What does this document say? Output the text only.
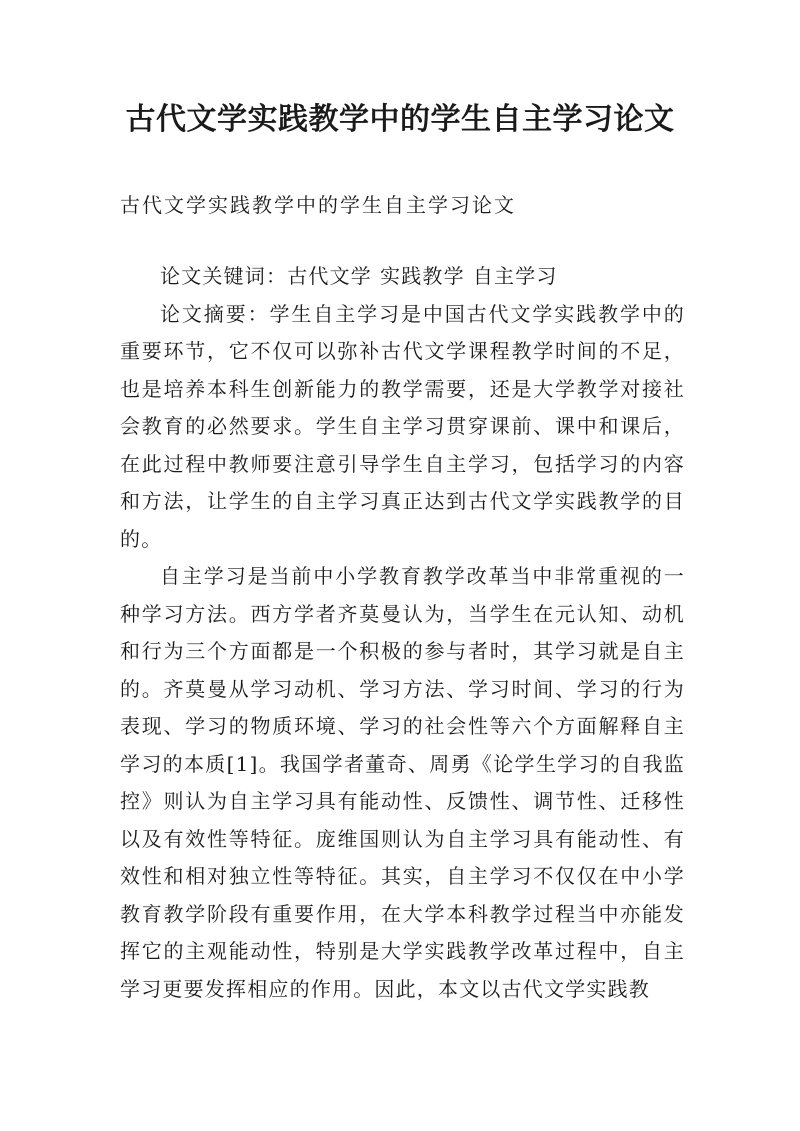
古代文学实践教学中的学生自主学习论文

古代文学实践教学中的学生自主学习论文

论文关键词：古代文学 实践教学 自主学习

论文摘要：学生自主学习是中国古代文学实践教学中的重要环节，它不仅可以弥补古代文学课程教学时间的不足，也是培养本科生创新能力的教学需要，还是大学教学对接社会教育的必然要求。学生自主学习贯穿课前、课中和课后，在此过程中教师要注意引导学生自主学习，包括学习的内容和方法，让学生的自主学习真正达到古代文学实践教学的目的。

自主学习是当前中小学教育教学改革当中非常重视的一种学习方法。西方学者齐莫曼认为，当学生在元认知、动机和行为三个方面都是一个积极的参与者时，其学习就是自主的。齐莫曼从学习动机、学习方法、学习时间、学习的行为表现、学习的物质环境、学习的社会性等六个方面解释自主学习的本质[1]。我国学者董奇、周勇《论学生学习的自我监控》则认为自主学习具有能动性、反馈性、调节性、迁移性以及有效性等特征。庞维国则认为自主学习具有能动性、有效性和相对独立性等特征。其实，自主学习不仅仅在中小学教育教学阶段有重要作用，在大学本科教学过程当中亦能发挥它的主观能动性，特别是大学实践教学改革过程中，自主学习更要发挥相应的作用。因此，本文以古代文学实践教
